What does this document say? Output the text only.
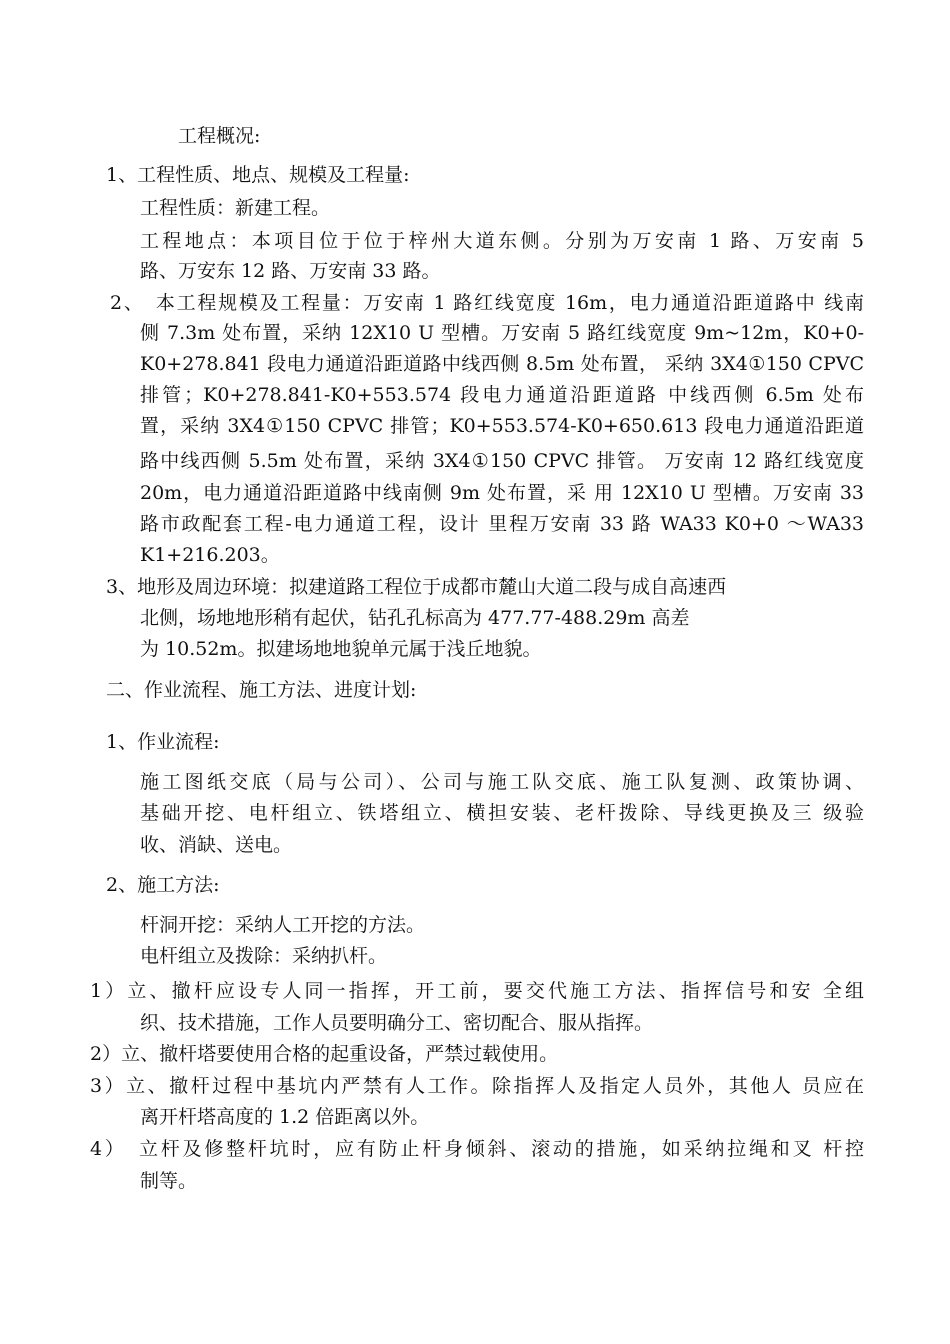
工程概况:
1、工程性质、地点、规模及工程量:
工程性质：新建工程。
工程地点：本项目位于位于梓州大道东侧。分别为万安南 1 路、万安南 5
路、万安东 12 路、万安南 33 路。
2、　本工程规模及工程量：万安南 1 路红线宽度 16m，电力通道沿距道路中 线南
侧 7.3m 处布置，采纳 12X10 U 型槽。万安南 5 路红线宽度 9m~12m，K0+0-
K0+278.841 段电力通道沿距道路中线西侧 8.5m 处布置， 采纳 3X4①150 CPVC
排管；K0+278.841-K0+553.574 段电力通道沿距道路 中线西侧 6.5m 处布
置，采纳 3X4①150 CPVC 排管；K0+553.574-K0+650.613 段电力通道沿距道
路中线西侧 5.5m 处布置，采纳 3X4①150 CPVC 排管。 万安南 12 路红线宽度
20m，电力通道沿距道路中线南侧 9m 处布置，采 用 12X10 U 型槽。万安南 33
路市政配套工程-电力通道工程，设计 里程万安南 33 路 WA33 K0+0 ～WA33
K1+216.203。
3、地形及周边环境：拟建道路工程位于成都市麓山大道二段与成自高速西
北侧，场地地形稍有起伏，钻孔孔标高为 477.77-488.29m 高差
为 10.52m。拟建场地地貌单元属于浅丘地貌。
二、作业流程、施工方法、进度计划:
1、作业流程:
施工图纸交底（局与公司）、公司与施工队交底、施工队复测、政策协调、
基础开挖、电杆组立、铁塔组立、横担安装、老杆拨除、导线更换及三 级验
收、消缺、送电。
2、施工方法:
杆洞开挖：采纳人工开挖的方法。
电杆组立及拨除：采纳扒杆。
1）立、撤杆应设专人同一指挥，开工前，要交代施工方法、指挥信号和安 全组
织、技术措施，工作人员要明确分工、密切配合、服从指挥。
2）立、撤杆塔要使用合格的起重设备，严禁过载使用。
3）立、撤杆过程中基坑内严禁有人工作。除指挥人及指定人员外，其他人 员应在
离开杆塔高度的 1.2 倍距离以外。
4）　立杆及修整杆坑时，应有防止杆身倾斜、滚动的措施，如采纳拉绳和叉 杆控
制等。
